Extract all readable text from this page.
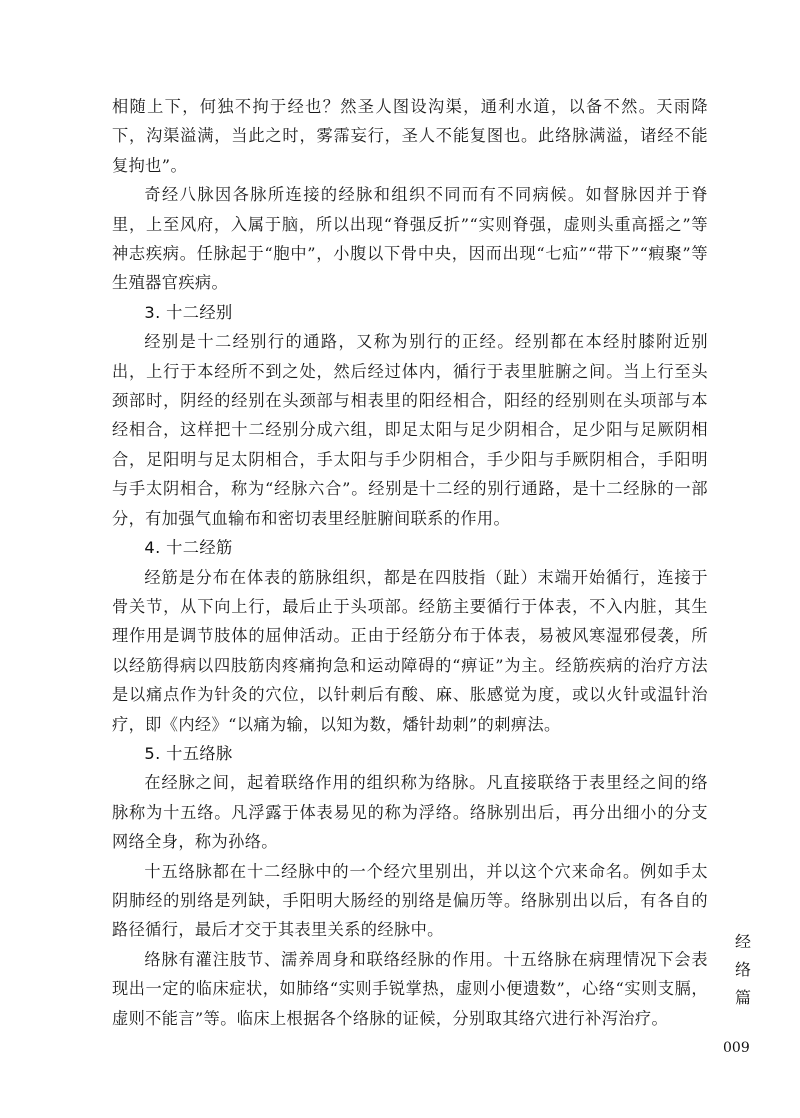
相随上下，何独不拘于经也？然圣人图设沟渠，通利水道，以备不然。天雨降下，沟渠溢满，当此之时，雾霈妄行，圣人不能复图也。此络脉满溢，诸经不能复拘也”。

奇经八脉因各脉所连接的经脉和组织不同而有不同病候。如督脉因并于脊里，上至风府，入属于脑，所以出现“脊强反折”“实则脊强，虚则头重高摇之”等神志疾病。任脉起于“胞中”，小腹以下骨中央，因而出现“七疝”“带下”“瘕聚”等生殖器官疾病。

3. 十二经别

经别是十二经别行的通路，又称为别行的正经。经别都在本经肘膝附近别出，上行于本经所不到之处，然后经过体内，循行于表里脏腑之间。当上行至头颈部时，阴经的经别在头颈部与相表里的阳经相合，阳经的经别则在头项部与本经相合，这样把十二经别分成六组，即足太阳与足少阴相合，足少阳与足厥阴相合，足阳明与足太阴相合，手太阳与手少阴相合，手少阳与手厥阴相合，手阳明与手太阴相合，称为“经脉六合”。经别是十二经的别行通路，是十二经脉的一部分，有加强气血输布和密切表里经脏腑间联系的作用。

4. 十二经筋

经筋是分布在体表的筋脉组织，都是在四肢指（趾）末端开始循行，连接于骨关节，从下向上行，最后止于头项部。经筋主要循行于体表，不入内脏，其生理作用是调节肢体的屈伸活动。正由于经筋分布于体表，易被风寒湿邪侵袭，所以经筋得病以四肢筋肉疼痛拘急和运动障碍的“痹证”为主。经筋疾病的治疗方法是以痛点作为针灸的穴位，以针刺后有酸、麻、胀感觉为度，或以火针或温针治疗，即《内经》“以痛为输，以知为数，燔针劫刺”的刺痹法。

5. 十五络脉

在经脉之间，起着联络作用的组织称为络脉。凡直接联络于表里经之间的络脉称为十五络。凡浮露于体表易见的称为浮络。络脉别出后，再分出细小的分支网络全身，称为孙络。

十五络脉都在十二经脉中的一个经穴里别出，并以这个穴来命名。例如手太阴肺经的别络是列缺，手阳明大肠经的别络是偏历等。络脉别出以后，有各自的路径循行，最后才交于其表里关系的经脉中。

络脉有灌注肢节、濡养周身和联络经脉的作用。十五络脉在病理情况下会表现出一定的临床症状，如肺络“实则手锐掌热，虚则小便遗数”，心络“实则支膈，虚则不能言”等。临床上根据各个络脉的证候，分别取其络穴进行补泻治疗。

经络篇
009
